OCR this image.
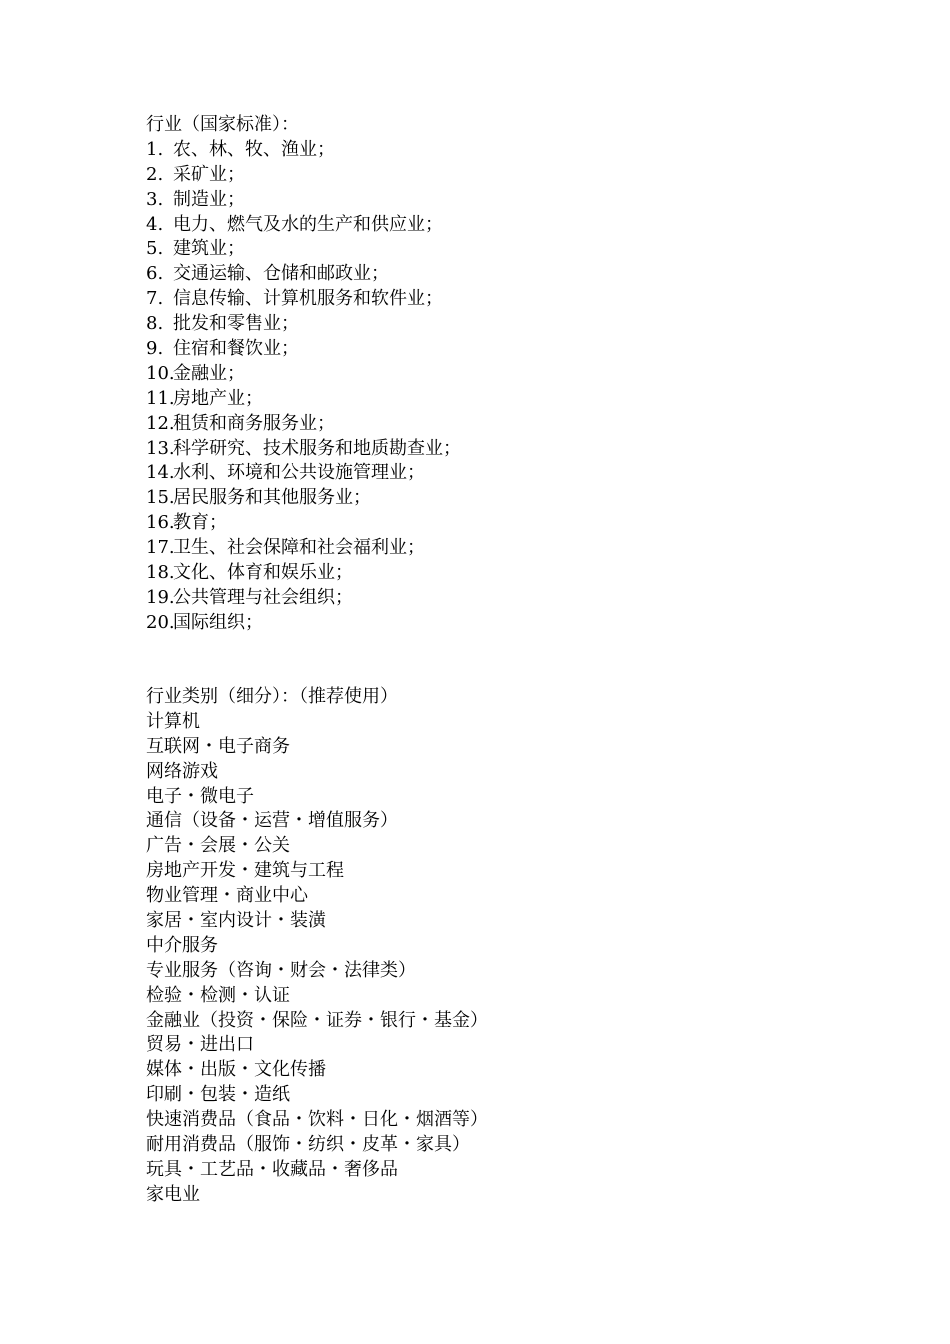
行业（国家标准）：
1. 农、林、牧、渔业；
2. 采矿业；
3. 制造业；
4. 电力、燃气及水的生产和供应业；
5. 建筑业；
6. 交通运输、仓储和邮政业；
7. 信息传输、计算机服务和软件业；
8. 批发和零售业；
9. 住宿和餐饮业；
10.金融业；
11.房地产业；
12.租赁和商务服务业；
13.科学研究、技术服务和地质勘查业；
14.水利、环境和公共设施管理业；
15.居民服务和其他服务业；
16.教育；
17.卫生、社会保障和社会福利业；
18.文化、体育和娱乐业；
19.公共管理与社会组织；
20.国际组织；
行业类别（细分）：（推荐使用）
计算机
互联网・电子商务
网络游戏
电子・微电子
通信（设备・运营・增值服务）
广告・会展・公关
房地产开发・建筑与工程
物业管理・商业中心
家居・室内设计・装潢
中介服务
专业服务（咨询・财会・法律类）
检验・检测・认证
金融业（投资・保险・证券・银行・基金）
贸易・进出口
媒体・出版・文化传播
印刷・包装・造纸
快速消费品（食品・饮料・日化・烟酒等）
耐用消费品（服饰・纺织・皮革・家具）
玩具・工艺品・收藏品・奢侈品
家电业
